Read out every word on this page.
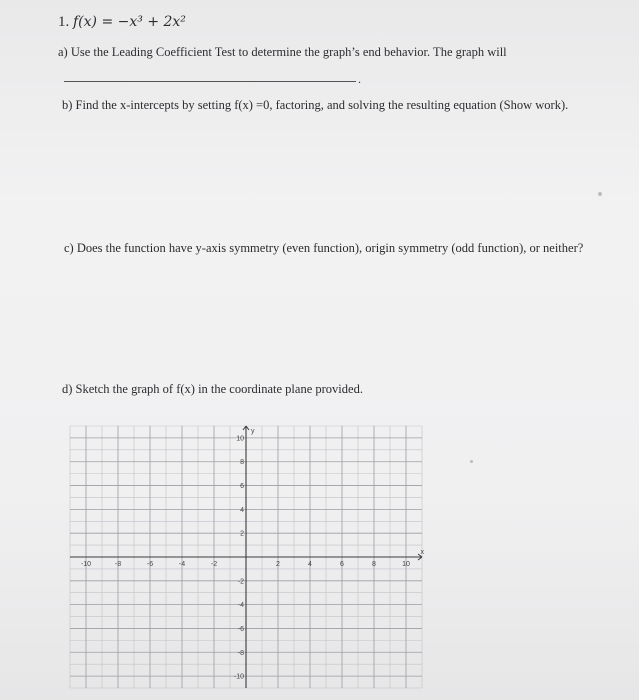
1. f(x) = −x³ + 2x²
a) Use the Leading Coefficient Test to determine the graph’s end behavior. The graph will
.
b) Find the x-intercepts by setting f(x) =0, factoring, and solving the resulting equation (Show work).
c) Does the function have y-axis symmetry (even function), origin symmetry (odd function), or neither?
d) Sketch the graph of f(x) in the coordinate plane provided.
-10	-8	-6	-4	-2	2	4	6	8	10
x
10
8
6
4
2
-2
-4
-6
-8
-10
y
